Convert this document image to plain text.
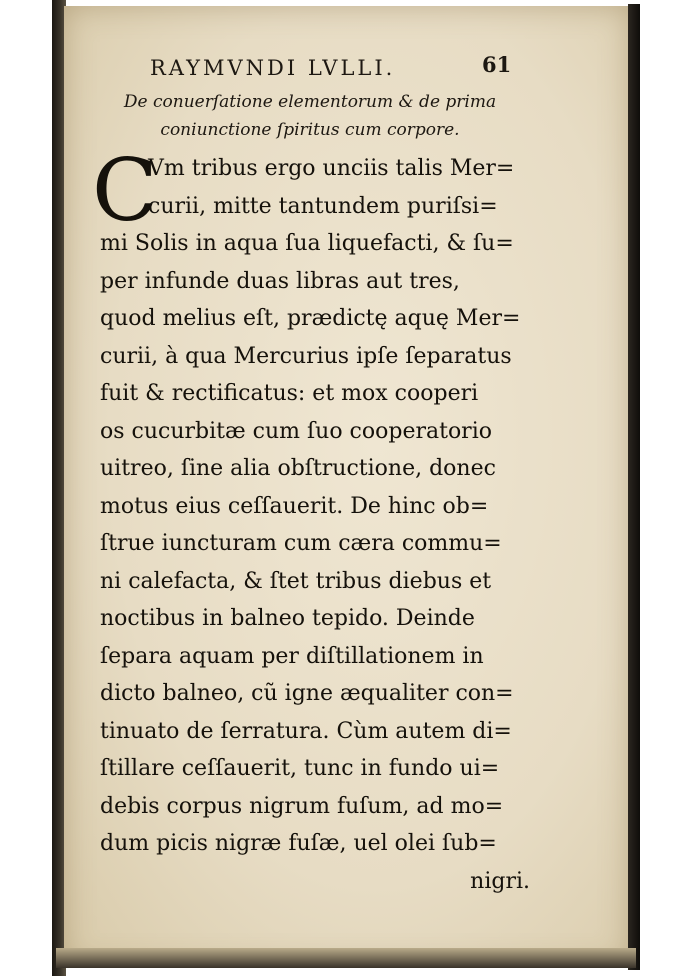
RAYMVNDI LVLLI.	61
De conuerſatione elementorum & de prima
coniunctione ſpiritus cum corpore.
C
Vm tribus ergo unciis talis Mer=
curii, mitte tantundem puriſsi=
mi Solis in aqua ſua liquefacti, & ſu=
per infunde duas libras aut tres,
quod melius eſt, prædictę aquę Mer=
curii, à qua Mercurius ipſe ſeparatus
fuit & rectificatus: et mox cooperi
os cucurbitæ cum ſuo cooperatorio
uitreo, ſine alia obſtructione, donec
motus eius ceſſauerit. De hinc ob=
ſtrue iuncturam cum cæra commu=
ni calefacta, & ſtet tribus diebus et
noctibus in balneo tepido. Deinde
ſepara aquam per diſtillationem in
dicto balneo, cũ igne æqualiter con=
tinuato de ſerratura. Cùm autem di=
ſtillare ceſſauerit, tunc in fundo ui=
debis corpus nigrum fuſum, ad mo=
dum picis nigræ fuſæ, uel olei ſub=
nigri.
